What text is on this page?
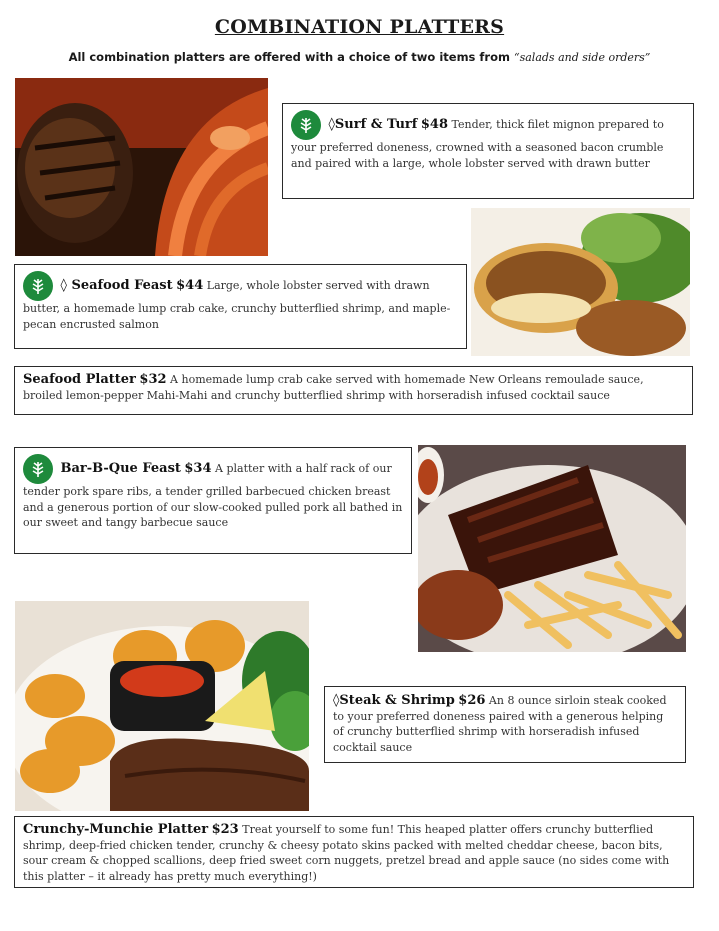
COMBINATION PLATTERS
All combination platters are offered with a choice of two items from “salads and side orders”
◊Surf & Turf $48 Tender, thick filet mignon prepared to your preferred doneness, crowned with a seasoned bacon crumble and paired with a large, whole lobster served with drawn butter
◊ Seafood Feast $44 Large, whole lobster served with drawn butter, a homemade lump crab cake, crunchy butterflied shrimp, and maple-pecan encrusted salmon
Seafood Platter $32 A homemade lump crab cake served with homemade New Orleans remoulade sauce, broiled lemon-pepper Mahi-Mahi and crunchy butterflied shrimp with horseradish infused cocktail sauce
Bar-B-Que Feast $34 A platter with a half rack of our tender pork spare ribs, a tender grilled barbecued chicken breast and a generous portion of our slow-cooked pulled pork all bathed in our sweet and tangy barbecue sauce
◊Steak & Shrimp $26 An 8 ounce sirloin steak cooked to your preferred doneness paired with a generous helping of crunchy butterflied shrimp with horseradish infused cocktail sauce
Crunchy-Munchie Platter $23 Treat yourself to some fun! This heaped platter offers crunchy butterflied shrimp, deep-fried chicken tender, crunchy & cheesy potato skins packed with melted cheddar cheese, bacon bits, sour cream & chopped scallions, deep fried sweet corn nuggets, pretzel bread and apple sauce (no sides come with this platter – it already has pretty much everything!)
